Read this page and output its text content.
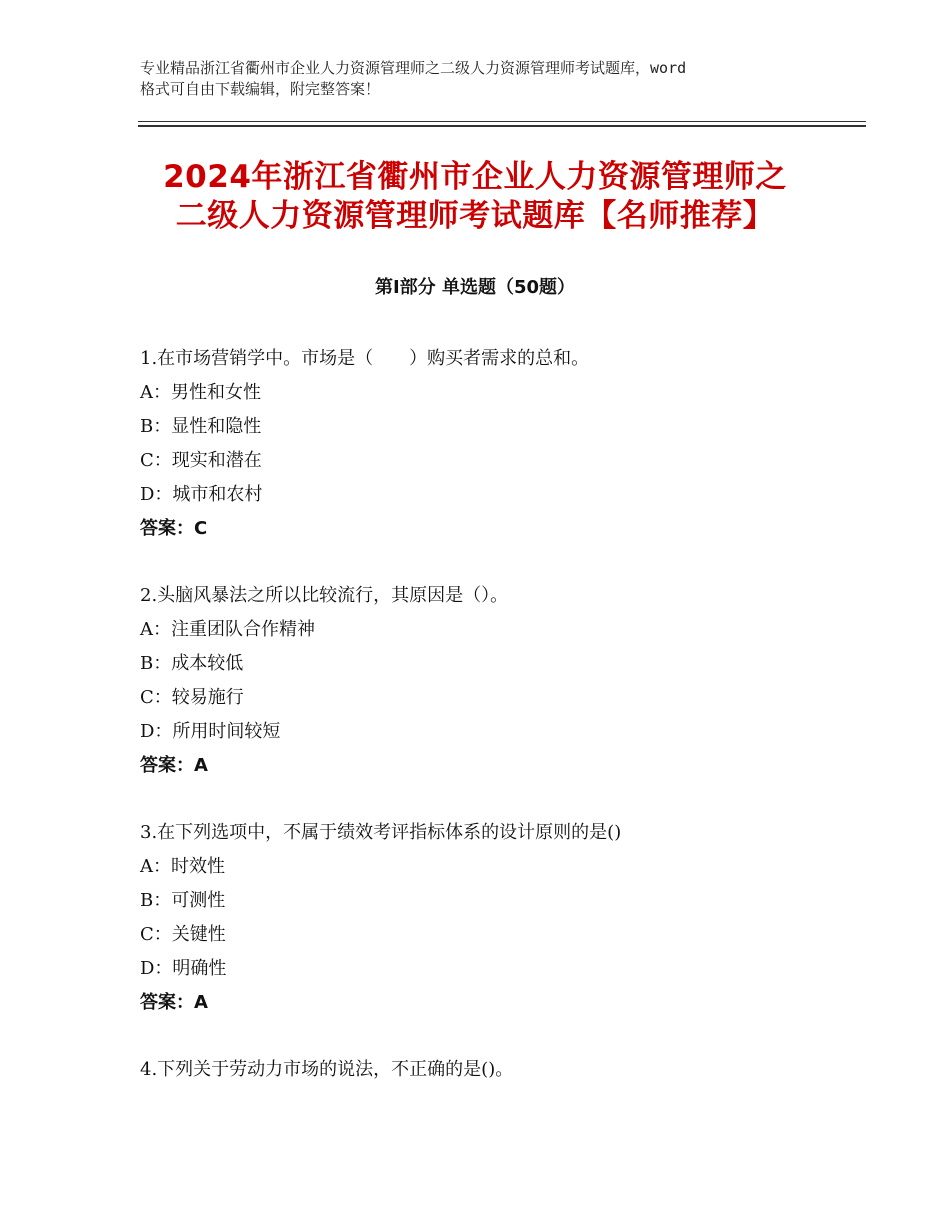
专业精品浙江省衢州市企业人力资源管理师之二级人力资源管理师考试题库，word
格式可自由下载编辑，附完整答案！
2024年浙江省衢州市企业人力资源管理师之
二级人力资源管理师考试题库【名师推荐】
第Ⅰ部分 单选题（50题）
1.在市场营销学中。市场是（　　）购买者需求的总和。
A：男性和女性
B：显性和隐性
C：现实和潜在
D：城市和农村
答案：C
2.头脑风暴法之所以比较流行，其原因是（）。
A：注重团队合作精神
B：成本较低
C：较易施行
D：所用时间较短
答案：A
3.在下列选项中，不属于绩效考评指标体系的设计原则的是()
A：时效性
B：可测性
C：关键性
D：明确性
答案：A
4.下列关于劳动力市场的说法，不正确的是()。
